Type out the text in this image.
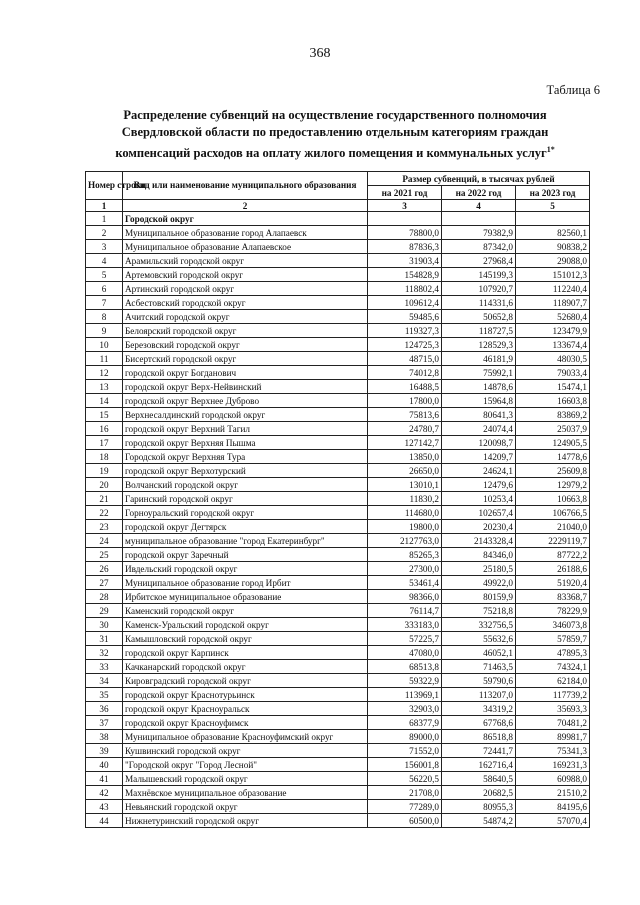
368
Таблица 6
Распределение субвенций на осуществление государственного полномочия
Свердловской области по предоставлению отдельным категориям граждан
компенсаций расходов на оплату жилого помещения и коммунальных услуг$^{1*}$
Номер строки	Вид или наименование муниципального образования	Размер субвенций, в тысячах рублей		
		на 2021 год	на 2022 год	на 2023 год
1	2	3	4	5
1	Городской округ			
2	Муниципальное образование город Алапаевск	78800,0	79382,9	82560,1
3	Муниципальное образование Алапаевское	87836,3	87342,0	90838,2
4	Арамильский городской округ	31903,4	27968,4	29088,0
5	Артемовский городской округ	154828,9	145199,3	151012,3
6	Артинский городской округ	118802,4	107920,7	112240,4
7	Асбестовский городской округ	109612,4	114331,6	118907,7
8	Ачитский городской округ	59485,6	50652,8	52680,4
9	Белоярский городской округ	119327,3	118727,5	123479,9
10	Березовский городской округ	124725,3	128529,3	133674,4
11	Бисертский городской округ	48715,0	46181,9	48030,5
12	городской округ Богданович	74012,8	75992,1	79033,4
13	городской округ Верх-Нейвинский	16488,5	14878,6	15474,1
14	городской округ Верхнее Дуброво	17800,0	15964,8	16603,8
15	Верхнесалдинский городской округ	75813,6	80641,3	83869,2
16	городской округ Верхний Тагил	24780,7	24074,4	25037,9
17	городской округ Верхняя Пышма	127142,7	120098,7	124905,5
18	Городской округ Верхняя Тура	13850,0	14209,7	14778,6
19	городской округ Верхотурский	26650,0	24624,1	25609,8
20	Волчанский городской округ	13010,1	12479,6	12979,2
21	Гаринский городской округ	11830,2	10253,4	10663,8
22	Горноуральский городской округ	114680,0	102657,4	106766,5
23	городской округ Дегтярск	19800,0	20230,4	21040,0
24	муниципальное образование "город Екатеринбург"	2127763,0	2143328,4	2229119,7
25	городской округ Заречный	85265,3	84346,0	87722,2
26	Ивдельский городской округ	27300,0	25180,5	26188,6
27	Муниципальное образование город Ирбит	53461,4	49922,0	51920,4
28	Ирбитское муниципальное образование	98366,0	80159,9	83368,7
29	Каменский городской округ	76114,7	75218,8	78229,9
30	Каменск-Уральский городской округ	333183,0	332756,5	346073,8
31	Камышловский городской округ	57225,7	55632,6	57859,7
32	городской округ Карпинск	47080,0	46052,1	47895,3
33	Качканарский городской округ	68513,8	71463,5	74324,1
34	Кировградский городской округ	59322,9	59790,6	62184,0
35	городской округ Краснотурьинск	113969,1	113207,0	117739,2
36	городской округ Красноуральск	32903,0	34319,2	35693,3
37	городской округ Красноуфимск	68377,9	67768,6	70481,2
38	Муниципальное образование Красноуфимский округ	89000,0	86518,8	89981,7
39	Кушвинский городской округ	71552,0	72441,7	75341,3
40	"Городской округ "Город Лесной"	156001,8	162716,4	169231,3
41	Малышевский городской округ	56220,5	58640,5	60988,0
42	Махнёвское муниципальное образование	21708,0	20682,5	21510,2
43	Невьянский городской округ	77289,0	80955,3	84195,6
44	Нижнетуринский городской округ	60500,0	54874,2	57070,4
